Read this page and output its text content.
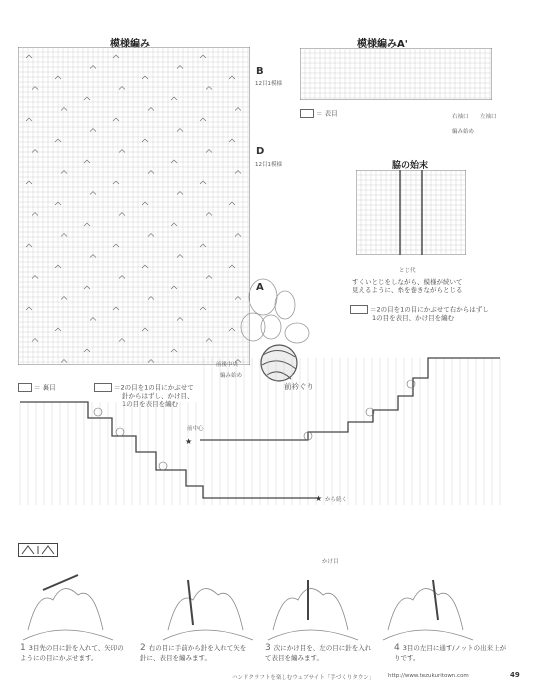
模様編み
B
12目1模様
D
12目1模様
A
模様編みA'
＝ 表目	右袖口 左袖口
編み始め
脇の始末
とじ代
すくいとじをしながら、模様が続いて
見えるように、糸を巻きながらとじる
＝2の目を1の目にかぶせて右からはずし
1の目を表目、かけ目を編む
前後中央
編み始め
前衿ぐり
＝ 裏目	＝2の目を1の目にかぶせて
針からはずし、かけ目、
1の目を表目を編む
★
★
前中心
から続く
かけ目
1 3目先の目に針を入れて、矢印のようにの目にかぶせます。
2 右の目に手前から針を入れて矢を針に、表目を編みます。
3 次にかけ目を、左の目に針を入れて表目を編みます。
4 3目の左目に通す/ノットの出来上がりです。
ハンドクラフトを楽しむウェブサイト「手づくりタウン」 http://www.tezukuritown.com	49
